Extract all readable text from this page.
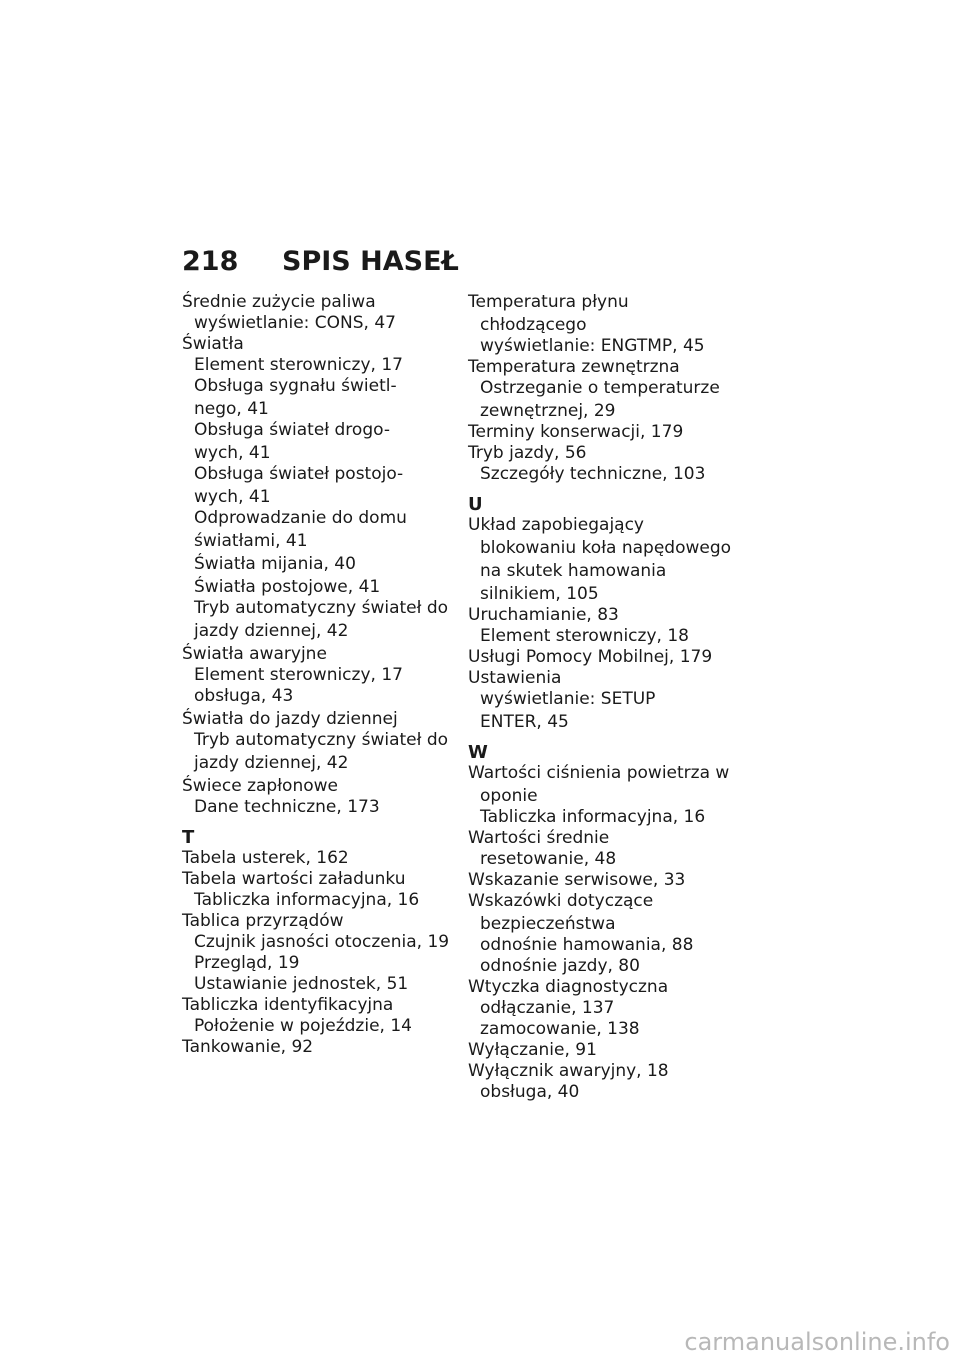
218 SPIS HASEŁ
Średnie zużycie paliwa
wyświetlanie: CONS, 47
Światła
Element sterowniczy, 17
Obsługa sygnału świetl-
nego, 41
Obsługa świateł drogo-
wych, 41
Obsługa świateł postojo-
wych, 41
Odprowadzanie do domu
światłami, 41
Światła mijania, 40
Światła postojowe, 41
Tryb automatyczny świateł do
jazdy dziennej, 42
Światła awaryjne
Element sterowniczy, 17
obsługa, 43
Światła do jazdy dziennej
Tryb automatyczny świateł do
jazdy dziennej, 42
Świece zapłonowe
Dane techniczne, 173
T
Tabela usterek, 162
Tabela wartości załadunku
Tabliczka informacyjna, 16
Tablica przyrządów
Czujnik jasności otoczenia, 19
Przegląd, 19
Ustawianie jednostek, 51
Tabliczka identyfikacyjna
Położenie w pojeździe, 14
Tankowanie, 92
Temperatura płynu
chłodzącego
wyświetlanie: ENGTMP, 45
Temperatura zewnętrzna
Ostrzeganie o temperaturze
zewnętrznej, 29
Terminy konserwacji, 179
Tryb jazdy, 56
Szczegóły techniczne, 103
U
Układ zapobiegający
blokowaniu koła napędowego
na skutek hamowania
silnikiem, 105
Uruchamianie, 83
Element sterowniczy, 18
Usługi Pomocy Mobilnej, 179
Ustawienia
wyświetlanie: SETUP
ENTER, 45
W
Wartości ciśnienia powietrza w
oponie
Tabliczka informacyjna, 16
Wartości średnie
resetowanie, 48
Wskazanie serwisowe, 33
Wskazówki dotyczące
bezpieczeństwa
odnośnie hamowania, 88
odnośnie jazdy, 80
Wtyczka diagnostyczna
odłączanie, 137
zamocowanie, 138
Wyłączanie, 91
Wyłącznik awaryjny, 18
obsługa, 40
carmanualsonline.info
